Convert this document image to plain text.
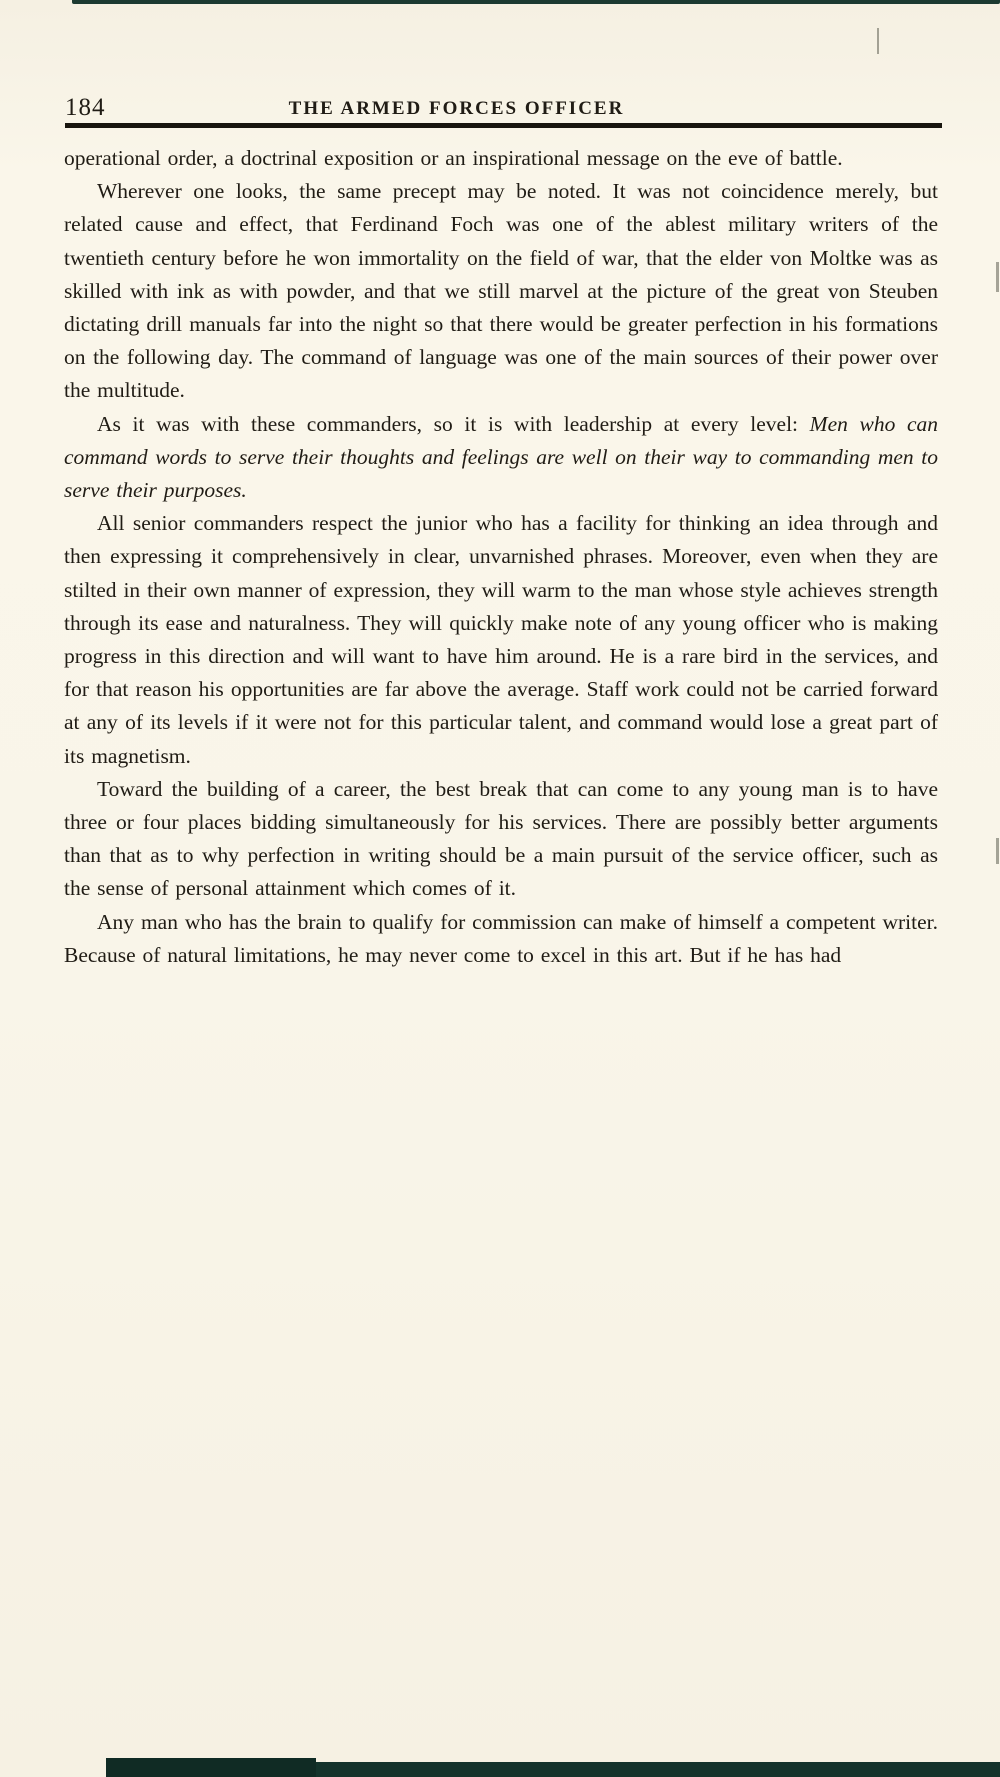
184	THE ARMED FORCES OFFICER

operational order, a doctrinal exposition or an inspirational message on the eve of battle.

Wherever one looks, the same precept may be noted. It was not coincidence merely, but related cause and effect, that Ferdinand Foch was one of the ablest military writers of the twentieth century before he won immortality on the field of war, that the elder von Moltke was as skilled with ink as with powder, and that we still marvel at the picture of the great von Steuben dictating drill manuals far into the night so that there would be greater perfection in his formations on the following day. The command of language was one of the main sources of their power over the multitude.

As it was with these commanders, so it is with leadership at every level: Men who can command words to serve their thoughts and feelings are well on their way to commanding men to serve their purposes.

All senior commanders respect the junior who has a facility for thinking an idea through and then expressing it comprehensively in clear, unvarnished phrases. Moreover, even when they are stilted in their own manner of expression, they will warm to the man whose style achieves strength through its ease and naturalness. They will quickly make note of any young officer who is making progress in this direction and will want to have him around. He is a rare bird in the services, and for that reason his opportunities are far above the average. Staff work could not be carried forward at any of its levels if it were not for this particular talent, and command would lose a great part of its magnetism.

Toward the building of a career, the best break that can come to any young man is to have three or four places bidding simultaneously for his services. There are possibly better arguments than that as to why perfection in writing should be a main pursuit of the service officer, such as the sense of personal attainment which comes of it.

Any man who has the brain to qualify for commission can make of himself a competent writer. Because of natural limitations, he may never come to excel in this art. But if he has had
